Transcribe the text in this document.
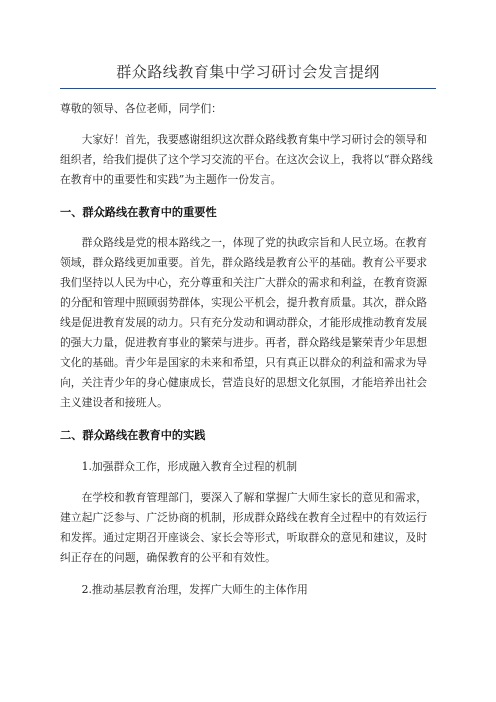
群众路线教育集中学习研讨会发言提纲

尊敬的领导、各位老师，同学们：

大家好！首先，我要感谢组织这次群众路线教育集中学习研讨会的领导和组织者，给我们提供了这个学习交流的平台。在这次会议上，我将以“群众路线在教育中的重要性和实践”为主题作一份发言。

一、群众路线在教育中的重要性

群众路线是党的根本路线之一，体现了党的执政宗旨和人民立场。在教育领域，群众路线更加重要。首先，群众路线是教育公平的基础。教育公平要求我们坚持以人民为中心，充分尊重和关注广大群众的需求和利益，在教育资源的分配和管理中照顾弱势群体，实现公平机会，提升教育质量。其次，群众路线是促进教育发展的动力。只有充分发动和调动群众，才能形成推动教育发展的强大力量，促进教育事业的繁荣与进步。再者，群众路线是繁荣青少年思想文化的基础。青少年是国家的未来和希望，只有真正以群众的利益和需求为导向，关注青少年的身心健康成长，营造良好的思想文化氛围，才能培养出社会主义建设者和接班人。

二、群众路线在教育中的实践

1.加强群众工作，形成融入教育全过程的机制

在学校和教育管理部门，要深入了解和掌握广大师生家长的意见和需求，建立起广泛参与、广泛协商的机制，形成群众路线在教育全过程中的有效运行和发挥。通过定期召开座谈会、家长会等形式，听取群众的意见和建议，及时纠正存在的问题，确保教育的公平和有效性。

2.推动基层教育治理，发挥广大师生的主体作用
